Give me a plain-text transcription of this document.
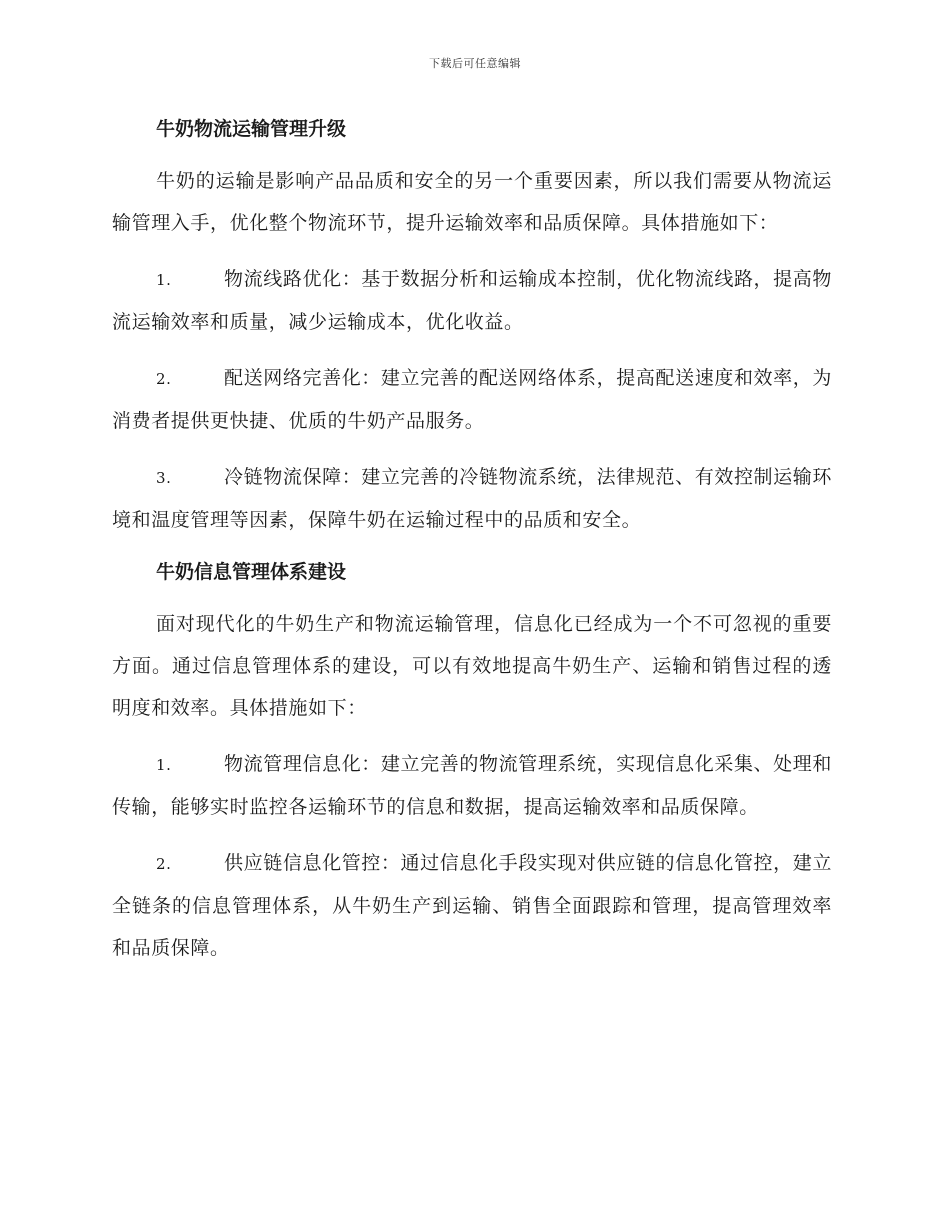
下载后可任意编辑
牛奶物流运输管理升级

牛奶的运输是影响产品品质和安全的另一个重要因素，所以我们需要从物流运输管理入手，优化整个物流环节，提升运输效率和品质保障。具体措施如下：

1.	物流线路优化：基于数据分析和运输成本控制，优化物流线路，提高物流运输效率和质量，减少运输成本，优化收益。

2.	配送网络完善化：建立完善的配送网络体系，提高配送速度和效率，为消费者提供更快捷、优质的牛奶产品服务。

3.	冷链物流保障：建立完善的冷链物流系统，法律规范、有效控制运输环境和温度管理等因素，保障牛奶在运输过程中的品质和安全。

牛奶信息管理体系建设

面对现代化的牛奶生产和物流运输管理，信息化已经成为一个不可忽视的重要方面。通过信息管理体系的建设，可以有效地提高牛奶生产、运输和销售过程的透明度和效率。具体措施如下：

1.	物流管理信息化：建立完善的物流管理系统，实现信息化采集、处理和传输，能够实时监控各运输环节的信息和数据，提高运输效率和品质保障。

2.	供应链信息化管控：通过信息化手段实现对供应链的信息化管控，建立全链条的信息管理体系，从牛奶生产到运输、销售全面跟踪和管理，提高管理效率和品质保障。
